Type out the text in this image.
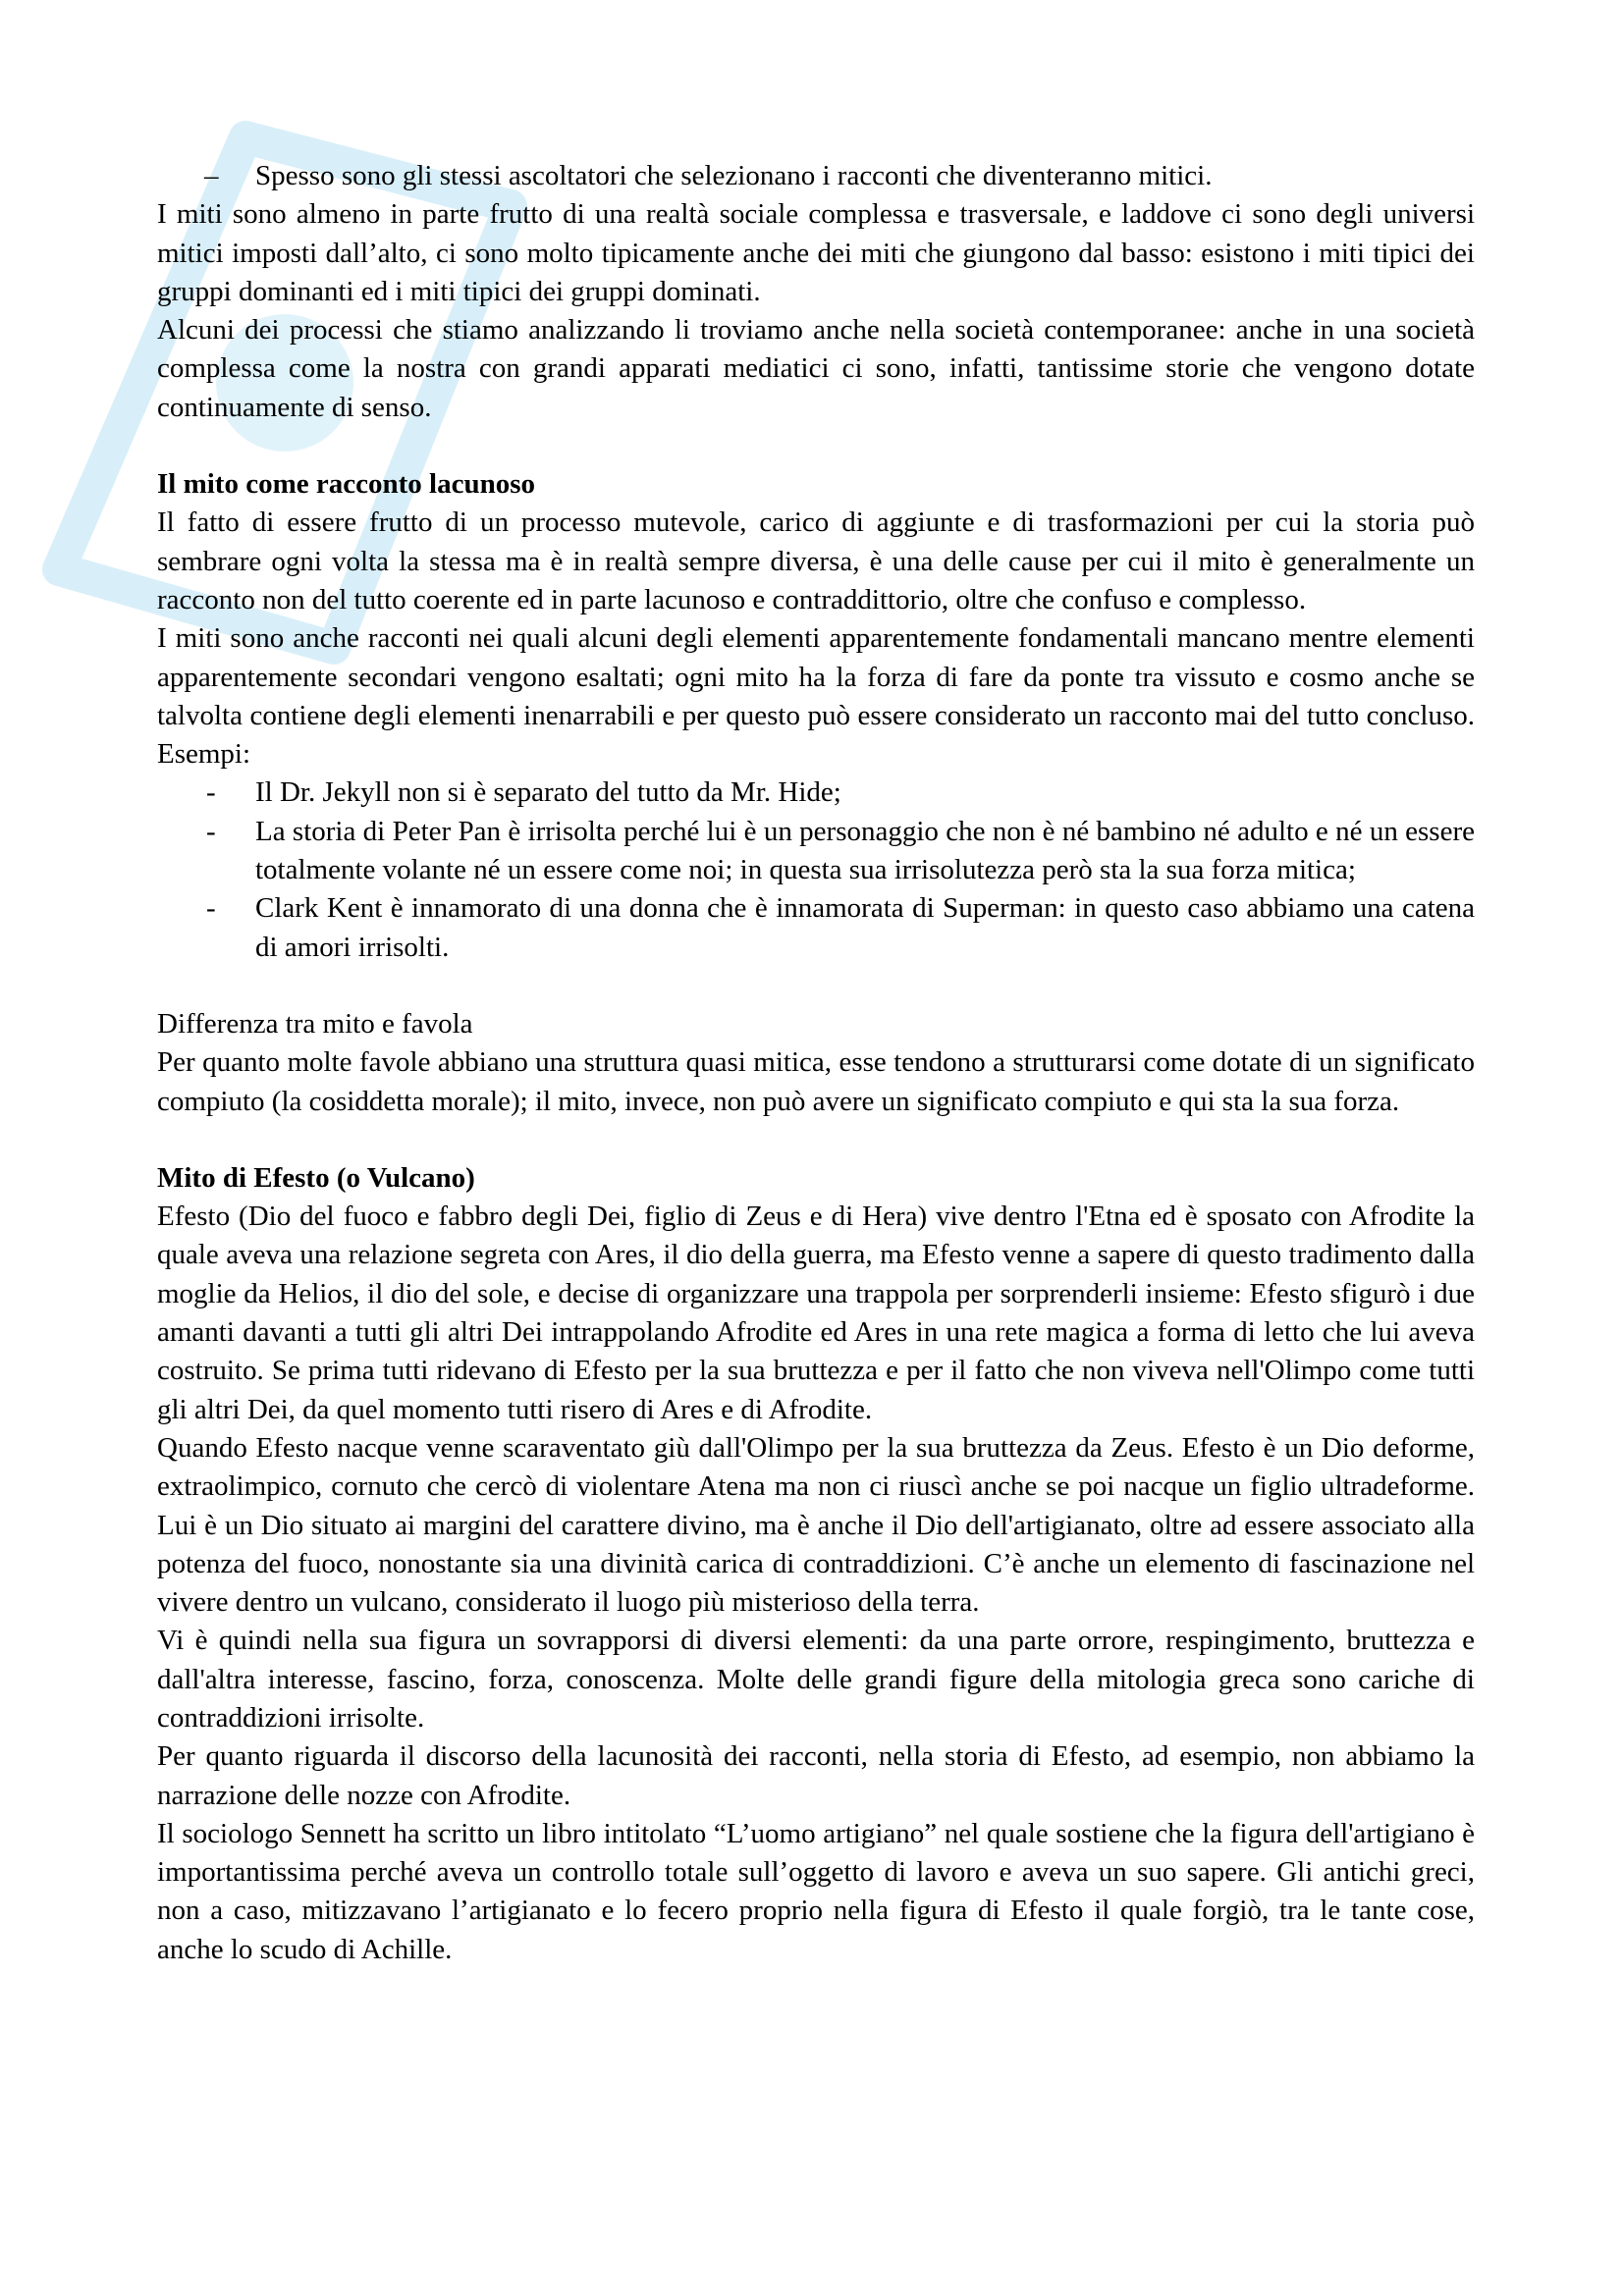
– Spesso sono gli stessi ascoltatori che selezionano i racconti che diventeranno mitici.

I miti sono almeno in parte frutto di una realtà sociale complessa e trasversale, e laddove ci sono degli universi mitici imposti dall’alto, ci sono molto tipicamente anche dei miti che giungono dal basso: esistono i miti tipici dei gruppi dominanti ed i miti tipici dei gruppi dominati.

Alcuni dei processi che stiamo analizzando li troviamo anche nella società contemporanee: anche in una società complessa come la nostra con grandi apparati mediatici ci sono, infatti, tantissime storie che vengono dotate continuamente di senso.

Il mito come racconto lacunoso

Il fatto di essere frutto di un processo mutevole, carico di aggiunte e di trasformazioni per cui la storia può sembrare ogni volta la stessa ma è in realtà sempre diversa, è una delle cause per cui il mito è generalmente un racconto non del tutto coerente ed in parte lacunoso e contraddittorio, oltre che confuso e complesso.

I miti sono anche racconti nei quali alcuni degli elementi apparentemente fondamentali mancano mentre elementi apparentemente secondari vengono esaltati; ogni mito ha la forza di fare da ponte tra vissuto e cosmo anche se talvolta contiene degli elementi inenarrabili e per questo può essere considerato un racconto mai del tutto concluso. Esempi:

- Il Dr. Jekyll non si è separato del tutto da Mr. Hide;
- La storia di Peter Pan è irrisolta perché lui è un personaggio che non è né bambino né adulto e né un essere totalmente volante né un essere come noi; in questa sua irrisolutezza però sta la sua forza mitica;
- Clark Kent è innamorato di una donna che è innamorata di Superman: in questo caso abbiamo una catena di amori irrisolti.
Differenza tra mito e favola

Per quanto molte favole abbiano una struttura quasi mitica, esse tendono a strutturarsi come dotate di un significato compiuto (la cosiddetta morale); il mito, invece, non può avere un significato compiuto e qui sta la sua forza.

Mito di Efesto (o Vulcano)

Efesto (Dio del fuoco e fabbro degli Dei, figlio di Zeus e di Hera) vive dentro l'Etna ed è sposato con Afrodite la quale aveva una relazione segreta con Ares, il dio della guerra, ma Efesto venne a sapere di questo tradimento dalla moglie da Helios, il dio del sole, e decise di organizzare una trappola per sorprenderli insieme: Efesto sfigurò i due amanti davanti a tutti gli altri Dei intrappolando Afrodite ed Ares in una rete magica a forma di letto che lui aveva costruito. Se prima tutti ridevano di Efesto per la sua bruttezza e per il fatto che non viveva nell'Olimpo come tutti gli altri Dei, da quel momento tutti risero di Ares e di Afrodite.

Quando Efesto nacque venne scaraventato giù dall'Olimpo per la sua bruttezza da Zeus. Efesto è un Dio deforme, extraolimpico, cornuto che cercò di violentare Atena ma non ci riuscì anche se poi nacque un figlio ultradeforme. Lui è un Dio situato ai margini del carattere divino, ma è anche il Dio dell'artigianato, oltre ad essere associato alla potenza del fuoco, nonostante sia una divinità carica di contraddizioni. C’è anche un elemento di fascinazione nel vivere dentro un vulcano, considerato il luogo più misterioso della terra.

Vi è quindi nella sua figura un sovrapporsi di diversi elementi: da una parte orrore, respingimento, bruttezza e dall'altra interesse, fascino, forza, conoscenza. Molte delle grandi figure della mitologia greca sono cariche di contraddizioni irrisolte.

Per quanto riguarda il discorso della lacunosità dei racconti, nella storia di Efesto, ad esempio, non abbiamo la narrazione delle nozze con Afrodite.

Il sociologo Sennett ha scritto un libro intitolato “L’uomo artigiano” nel quale sostiene che la figura dell'artigiano è importantissima perché aveva un controllo totale sull’oggetto di lavoro e aveva un suo sapere. Gli antichi greci, non a caso, mitizzavano l’artigianato e lo fecero proprio nella figura di Efesto il quale forgiò, tra le tante cose, anche lo scudo di Achille.
